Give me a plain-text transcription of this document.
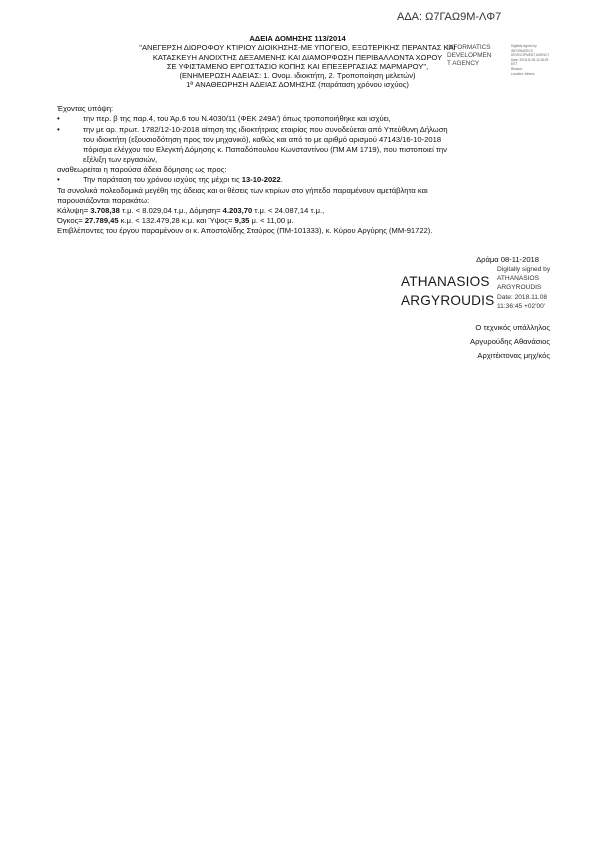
ΑΔΑ: Ω7ΓΑΩ9Μ-ΛΦ7
ΑΔΕΙΑ ΔΟΜΗΣΗΣ 113/2014
"ΑΝΕΓΕΡΣΗ ΔΙΩΡΟΦΟΥ ΚΤΙΡΙΟΥ ΔΙΟΙΚΗΣΗΣ-ΜΕ ΥΠΟΓΕΙΟ, ΕΞΩΤΕΡΙΚΗΣ ΠΕΡΑΝΤΑΣ ΚΑΙ
ΚΑΤΑΣΚΕΥΗ ΑΝΟΙΧΤΗΣ ΔΕΞΑΜΕΝΗΣ ΚΑΙ ΔΙΑΜΟΡΦΩΣΗ ΠΕΡΙΒΑΛΛΟΝΤΑ ΧΩΡΟΥ
ΣΕ ΥΦΙΣΤΑΜΕΝΟ ΕΡΓΟΣΤΑΣΙΟ ΚΟΠΗΣ ΚΑΙ ΕΠΕΞΕΡΓΑΣΙΑΣ ΜΑΡΜΑΡΟΥ",
(ΕΝΗΜΕΡΩΣΗ ΑΔΕΙΑΣ: 1. Ονομ. ιδιοκτήτη, 2. Τροποποίηση μελετών)
1ª ΑΝΑΘΕΩΡΗΣΗ ΑΔΕΙΑΣ ΔΟΜΗΣΗΣ (παράταση χρόνου ισχύος)
INFORMATICS
DEVELOPMEN
T AGENCY
Digitally signed by
INFORMATICS
DEVELOPMENT AGENCY
Date: 2018.11.08 11:38:25
EET
Reason:
Location: Athens
Έχοντας υπόψη:
•	την περ. β της παρ.4, του Άρ.6 του Ν.4030/11 (ΦΕΚ 249Α') όπως τροποποιήθηκε και ισχύει,
•	την με αρ. πρωτ. 1782/12-10-2018 αίτηση της ιδιοκτήτριας εταιρίας που συνοδεύεται από Υπεύθυνη Δήλωση
του ιδιοκτήτη (εξουσιοδότηση προς τον μηχανικό), καθώς και από το με αριθμό αρισμού 47143/16-10-2018
πόρισμα ελέγχου του Ελεγκτή Δόμησης κ. Παπαδόπουλου Κωνσταντίνου (ΠΜ ΑΜ 1719), που πιστοποιεί την
εξέλιξη των εργασιών,
αναθεωρείται η παρούσα άδεια δόμησης ως προς:
•	Την παράταση του χρόνου ισχύος της μέχρι τις 13-10-2022.
Τα συνολικά πολεοδομικά μεγέθη της άδειας και οι θέσεις των κτιρίων στο γήπεδο παραμένουν αμετάβλητα και
παρουσιάζονται παρακάτω:
Κάλυψη= 3.708,38 τ.μ. < 8.029,04 τ.μ., Δόμηση= 4.203,70 τ.μ. < 24.087,14 τ.μ.,
Όγκος= 27.789,45 κ.μ. < 132.479,28 κ.μ. και Ύψος= 9,35 μ. < 11,00 μ.
Επιβλέποντες του έργου παραμένουν οι κ. Αποστολίδης Σταύρος (ΠΜ-101333), κ. Κύρου Αργύρης (ΜΜ-91722).
Δράμα 08-11-2018
ATHANASIOS
ARGYROUDIS
Digitally signed by
ATHANASIOS
ARGYROUDIS
Date: 2018.11.08
11:36:45 +02'00'
Ο τεχνικός υπάλληλος
Αργυρούδης Αθανάσιος
Αρχιτέκτονας μηχ/κός
